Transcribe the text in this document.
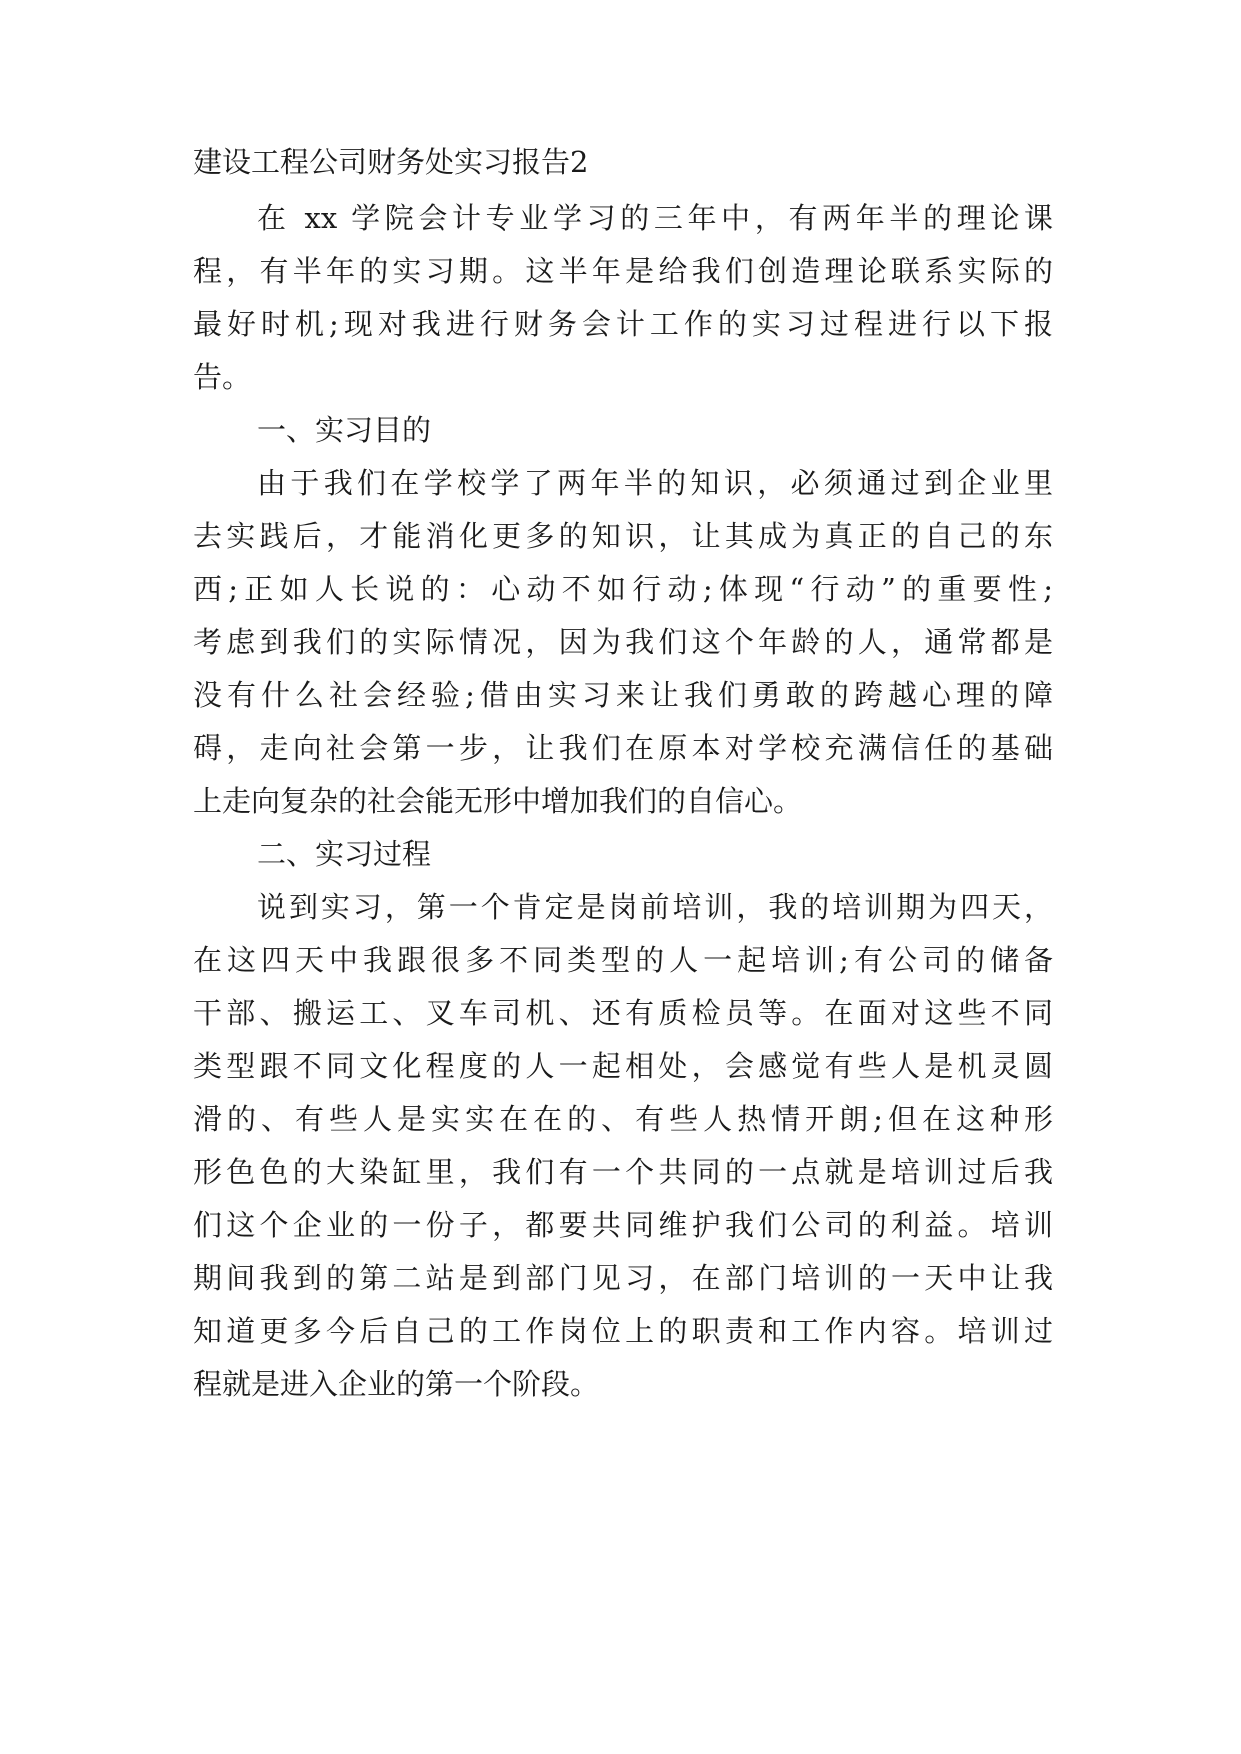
建设工程公司财务处实习报告2
在 xx 学院会计专业学习的三年中，有两年半的理论课
程，有半年的实习期。这半年是给我们创造理论联系实际的
最好时机;现对我进行财务会计工作的实习过程进行以下报
告。
一、实习目的
由于我们在学校学了两年半的知识，必须通过到企业里
去实践后，才能消化更多的知识，让其成为真正的自己的东
西;正如人长说的：心动不如行动;体现“行动”的重要性;
考虑到我们的实际情况，因为我们这个年龄的人，通常都是
没有什么社会经验;借由实习来让我们勇敢的跨越心理的障
碍，走向社会第一步，让我们在原本对学校充满信任的基础
上走向复杂的社会能无形中增加我们的自信心。
二、实习过程
说到实习，第一个肯定是岗前培训，我的培训期为四天，
在这四天中我跟很多不同类型的人一起培训;有公司的储备
干部、搬运工、叉车司机、还有质检员等。在面对这些不同
类型跟不同文化程度的人一起相处，会感觉有些人是机灵圆
滑的、有些人是实实在在的、有些人热情开朗;但在这种形
形色色的大染缸里，我们有一个共同的一点就是培训过后我
们这个企业的一份子，都要共同维护我们公司的利益。培训
期间我到的第二站是到部门见习，在部门培训的一天中让我
知道更多今后自己的工作岗位上的职责和工作内容。培训过
程就是进入企业的第一个阶段。
